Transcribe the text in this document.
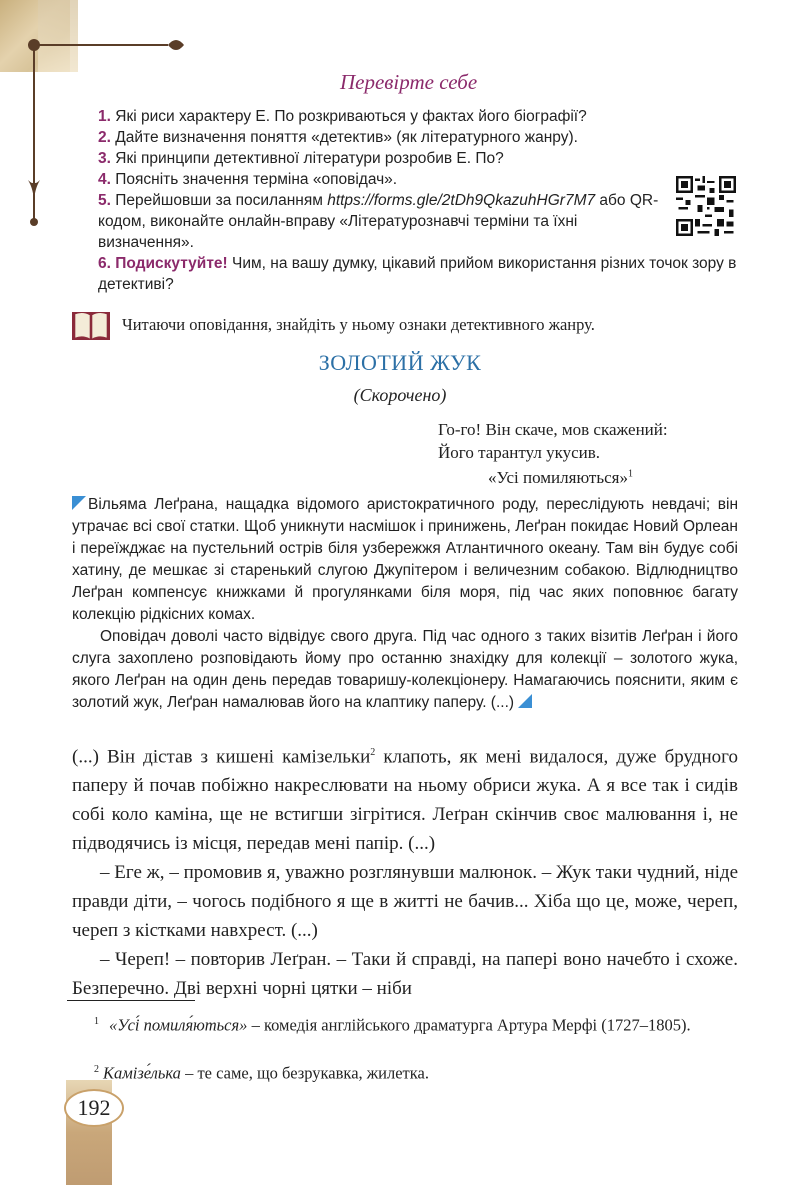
192
Перевірте себе
1. Які риси характеру Е. По розкриваються у фактах його біографії?
2. Дайте визначення поняття «детектив» (як літературного жанру).
3. Які принципи детективної літератури розробив Е. По?
4. Поясніть значення терміна «оповідач».
5. Перейшовши за посиланням https://forms.gle/2tDh9QkazuhHGr7M7 або QR-кодом, виконайте онлайн-вправу «Літературознавчі терміни та їхні визначення».
6. Подискутуйте! Чим, на вашу думку, цікавий прийом використання різних точок зору в детективі?
Читаючи оповідання, знайдіть у ньому ознаки детективного жанру.
ЗОЛОТИЙ ЖУК
(Скорочено)
Го-го! Він скаче, мов скажений:
Його тарантул укусив.
«Усі помиляються»$^1$

Вільяма Леґрана, нащадка відомого аристократичного роду, переслідують невдачі; він утрачає всі свої статки. Щоб уникнути насмішок і принижень, Леґран покидає Новий Орлеан і переїжджає на пустельний острів біля узбережжя Атлантичного океану. Там він будує собі хатину, де мешкає зі старенький слугою Джупітером і величезним собакою. Відлюдництво Леґран компенсує книжками й прогулянками біля моря, під час яких поповнює багату колекцію рідкісних комах.

Оповідач доволі часто відвідує свого друга. Під час одного з таких візитів Леґран і його слуга захоплено розповідають йому про останню знахідку для колекції – золотого жука, якого Леґран на один день передав товаришу-колекціонеру. Намагаючись пояснити, яким є золотий жук, Леґран намалював його на клаптику паперу. (...)

(...) Він дістав з кишені камізельки$^2$ клапоть, як мені видалося, дуже брудного паперу й почав побіжно накреслювати на ньому обриси жука. А я все так і сидів собі коло каміна, ще не встигши зігрітися. Леґран скінчив своє малювання і, не підводячись із місця, передав мені папір. (...)

– Еге ж, – промовив я, уважно розглянувши малюнок. – Жук таки чудний, ніде правди діти, – чогось подібного я ще в житті не бачив... Хіба що це, може, череп, череп з кістками навхрест. (...)

– Череп! – повторив Леґран. – Таки й справді, на папері воно начебто і схоже. Безперечно. Дві верхні чорні цятки – ніби

$^1$ «Усі́ помиля́ються» – комедія англійського драматурга Артура Мерфі (1727–1805).
$^2$ Камізе́лька – те саме, що безрукавка, жилетка.
